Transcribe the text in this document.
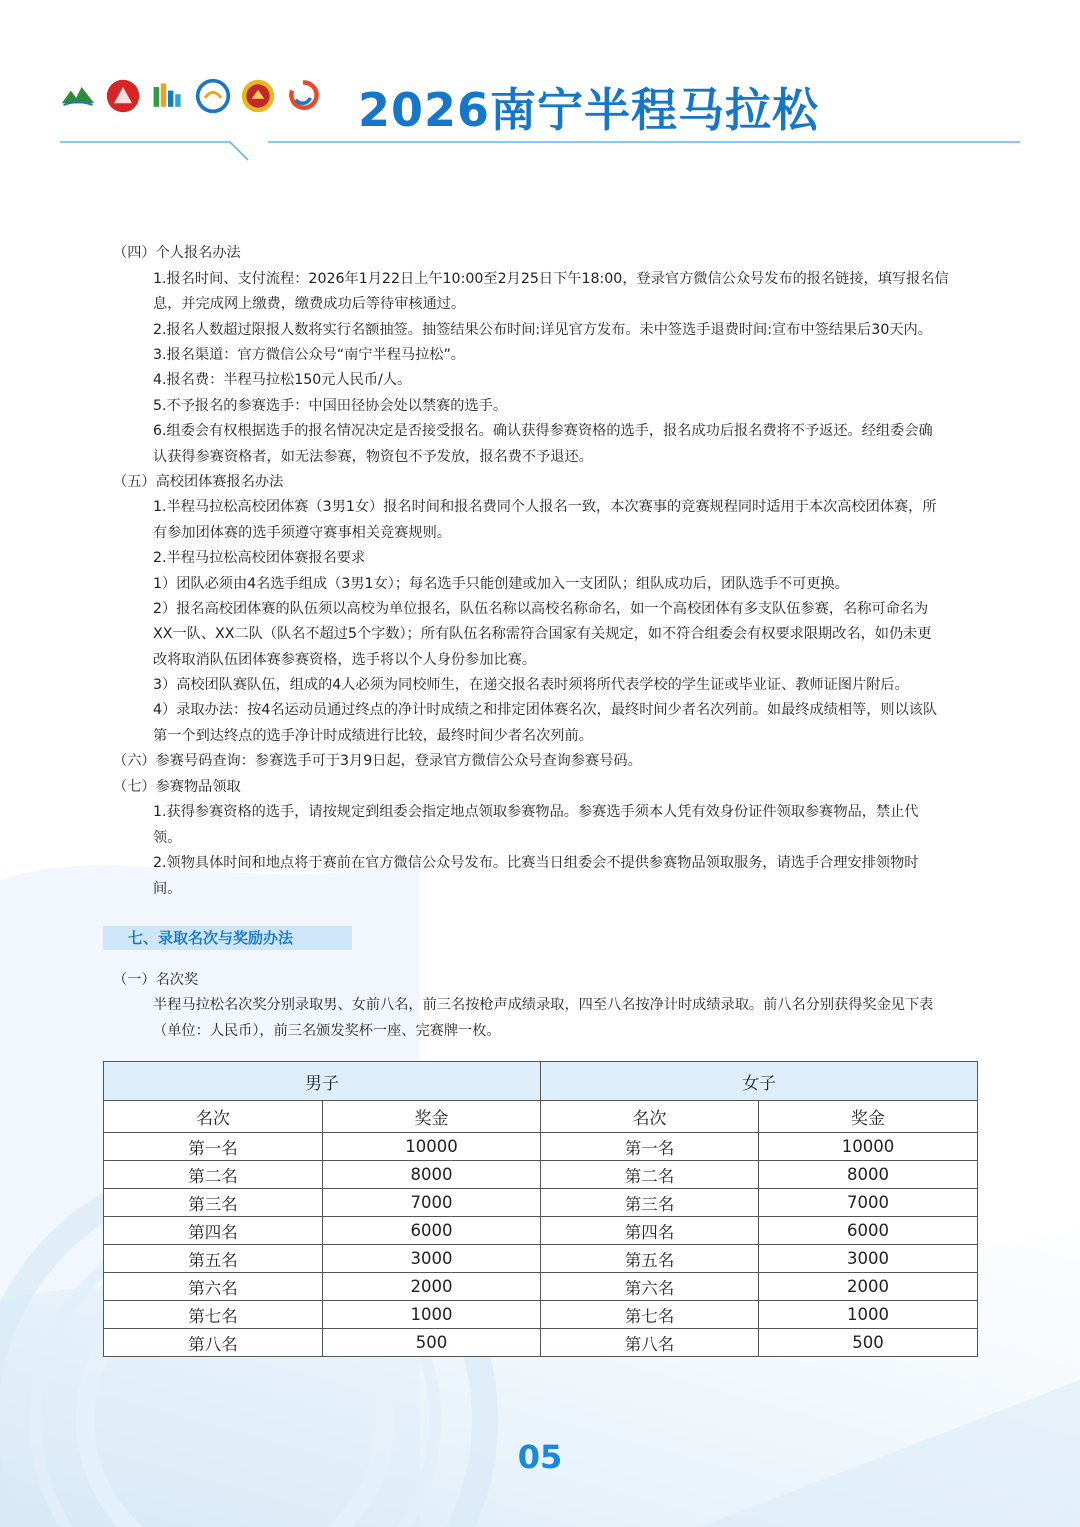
2026南宁半程马拉松
（四）个人报名办法
1.报名时间、支付流程：2026年1月22日上午10:00至2月25日下午18:00，登录官方微信公众号发布的报名链接，填写报名信
息，并完成网上缴费，缴费成功后等待审核通过。
2.报名人数超过限报人数将实行名额抽签。抽签结果公布时间:详见官方发布。未中签选手退费时间:宣布中签结果后30天内。
3.报名渠道：官方微信公众号“南宁半程马拉松”。
4.报名费：半程马拉松150元人民币/人。
5.不予报名的参赛选手：中国田径协会处以禁赛的选手。
6.组委会有权根据选手的报名情况决定是否接受报名。确认获得参赛资格的选手，报名成功后报名费将不予返还。经组委会确
认获得参赛资格者，如无法参赛，物资包不予发放，报名费不予退还。
（五）高校团体赛报名办法
1.半程马拉松高校团体赛（3男1女）报名时间和报名费同个人报名一致，本次赛事的竞赛规程同时适用于本次高校团体赛，所
有参加团体赛的选手须遵守赛事相关竞赛规则。
2.半程马拉松高校团体赛报名要求
1）团队必须由4名选手组成（3男1女）；每名选手只能创建或加入一支团队；组队成功后，团队选手不可更换。
2）报名高校团体赛的队伍须以高校为单位报名，队伍名称以高校名称命名，如一个高校团体有多支队伍参赛，名称可命名为
XX一队、XX二队（队名不超过5个字数）；所有队伍名称需符合国家有关规定，如不符合组委会有权要求限期改名，如仍未更
改将取消队伍团体赛参赛资格，选手将以个人身份参加比赛。
3）高校团队赛队伍，组成的4人必须为同校师生，在递交报名表时须将所代表学校的学生证或毕业证、教师证图片附后。
4）录取办法：按4名运动员通过终点的净计时成绩之和排定团体赛名次，最终时间少者名次列前。如最终成绩相等，则以该队
第一个到达终点的选手净计时成绩进行比较，最终时间少者名次列前。
（六）参赛号码查询：参赛选手可于3月9日起，登录官方微信公众号查询参赛号码。
（七）参赛物品领取
1.获得参赛资格的选手，请按规定到组委会指定地点领取参赛物品。参赛选手须本人凭有效身份证件领取参赛物品，禁止代
领。
2.领物具体时间和地点将于赛前在官方微信公众号发布。比赛当日组委会不提供参赛物品领取服务，请选手合理安排领物时
间。
七、录取名次与奖励办法
（一）名次奖
半程马拉松名次奖分别录取男、女前八名，前三名按枪声成绩录取，四至八名按净计时成绩录取。前八名分别获得奖金见下表
（单位：人民币），前三名颁发奖杯一座、完赛牌一枚。
男子		女子	
名次	奖金	名次	奖金
第一名	10000	第一名	10000
第二名	8000	第二名	8000
第三名	7000	第三名	7000
第四名	6000	第四名	6000
第五名	3000	第五名	3000
第六名	2000	第六名	2000
第七名	1000	第七名	1000
第八名	500	第八名	500
05
